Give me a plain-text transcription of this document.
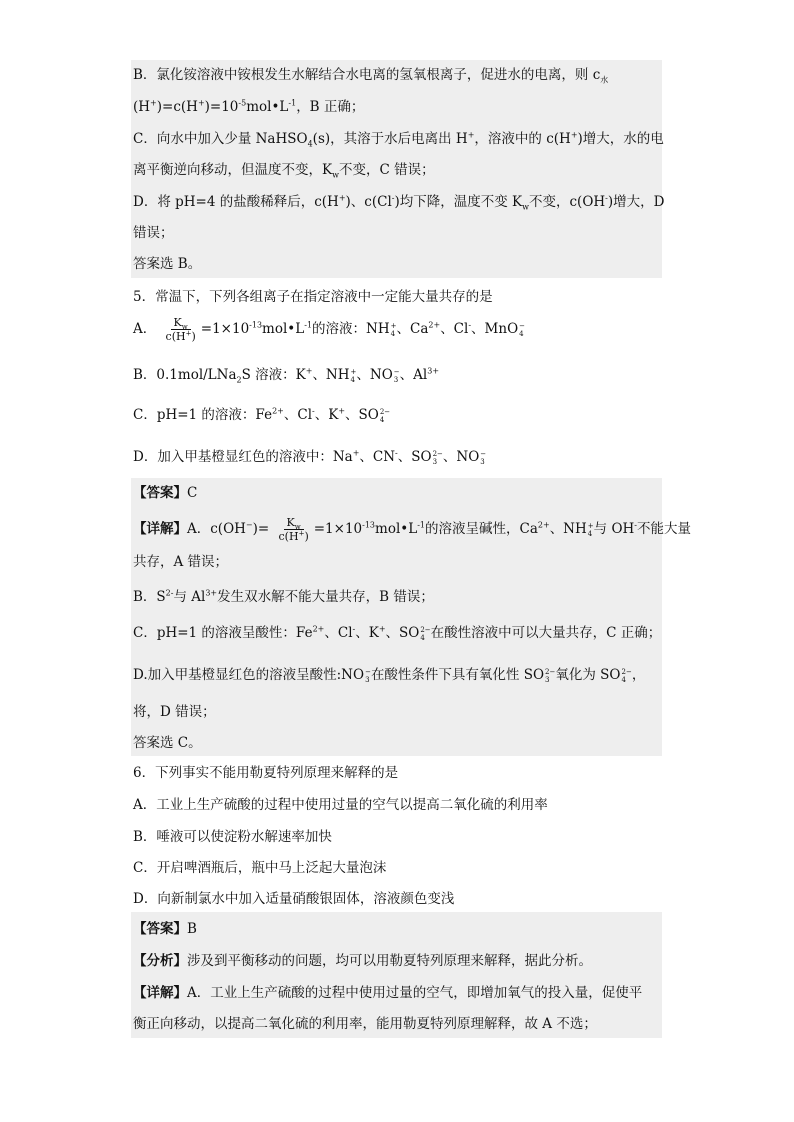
B．氯化铵溶液中铵根发生水解结合水电离的氢氧根离子，促进水的电离，则 $c_水$
$(H^+)=c(H^+)=10^{-5}mol•L^{-1}$，B 正确；
C．向水中加入少量 NaHSO$_4$(s)，其溶于水后电离出 H+，溶液中的 c(H+)增大，水的电
离平衡逆向移动，但温度不变，$K_w$不变，C 错误；
D．将 pH=4 的盐酸稀释后，c(H+)、c(Cl-)均下降，温度不变 $K_w$不变，c(OH-)增大，D
错误；
答案选 B。
5．常温下，下列各组离子在指定溶液中一定能大量共存的是
A． $\frac{K_w}{c(H^+)}$ $=1\times 10^{-13}mol•L^{-1}$的溶液：NH +
4 、$Ca^{2+}$、Cl-、MnO −
4
B．0.1mol/LNa$_2$S 溶液：K+、NH +
4 、NO −
3 、$Al^{3+}$
C．pH=1 的溶液：$Fe^{2+}$、Cl-、K+、SO 2−
4
D．加入甲基橙显红色的溶液中：Na+、CN-、SO 2−
3 、NO −
3
【答案】C
【详解】A．$c(OH^-)= \frac{K_w}{c(H^+)}$ $=1\times 10^{-13}mol•L^{-1}$的溶液呈碱性，$Ca^{2+}$、NH +
4 与 OH-不能大量
共存，A 错误；
B．$S^{2-}$与 $Al^{3+}$发生双水解不能大量共存，B 错误；
C．pH=1 的溶液呈酸性：$Fe^{2+}$、Cl-、K+、SO 2−
4 在酸性溶液中可以大量共存，C 正确；
D.加入甲基橙显红色的溶液呈酸性:NO −
3 在酸性条件下具有氧化性 SO 2−
3 氧化为 SO 2−
4 ，
将，D 错误；
答案选 C。
6．下列事实不能用勒夏特列原理来解释的是
A．工业上生产硫酸的过程中使用过量的空气以提高二氧化硫的利用率
B．唾液可以使淀粉水解速率加快
C．开启啤酒瓶后，瓶中马上泛起大量泡沫
D．向新制氯水中加入适量硝酸银固体，溶液颜色变浅
【答案】B
【分析】涉及到平衡移动的问题，均可以用勒夏特列原理来解释，据此分析。
【详解】A．工业上生产硫酸的过程中使用过量的空气，即增加氧气的投入量，促使平
衡正向移动，以提高二氧化硫的利用率，能用勒夏特列原理解释，故 A 不选；
